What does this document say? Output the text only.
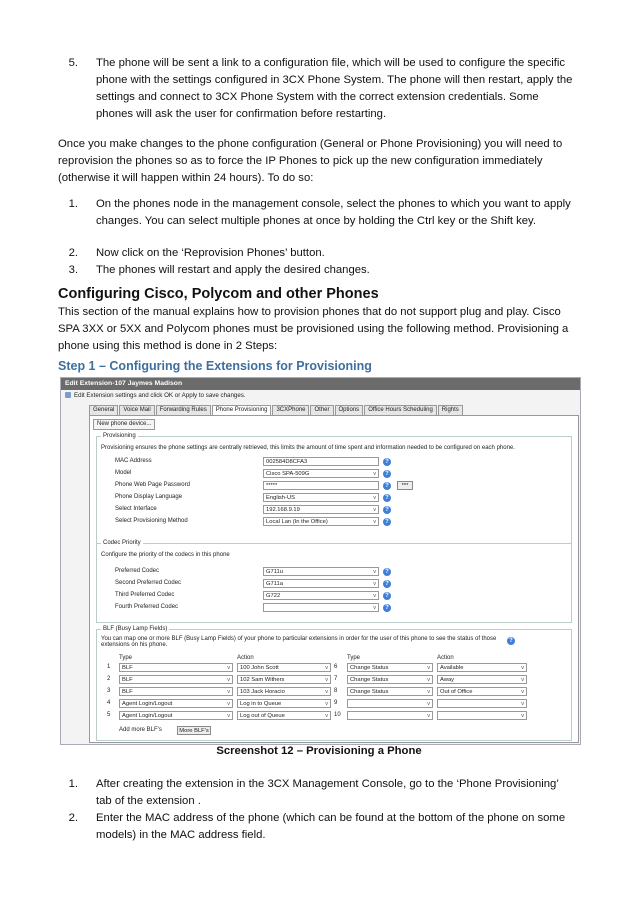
5. The phone will be sent a link to a configuration file, which will be used to configure the specific phone with the settings configured in 3CX Phone System. The phone will then restart, apply the settings and connect to 3CX Phone System with the correct extension credentials. Some phones will ask the user for confirmation before restarting.
Once you make changes to the phone configuration (General or Phone Provisioning) you will need to reprovision the phones so as to force the IP Phones to pick up the new configuration immediately (otherwise it will happen within 24 hours). To do so:
1. On the phones node in the management console, select the phones to which you want to apply changes. You can select multiple phones at once by holding the Ctrl key or the Shift key.
2. Now click on the ‘Reprovision Phones’ button.
3. The phones will restart and apply the desired changes.
Configuring Cisco, Polycom and other Phones
This section of the manual explains how to provision phones that do not support plug and play. Cisco SPA 3XX or 5XX and Polycom phones must be provisioned using the following method. Provisioning a phone using this method is done in 2 Steps:
Step 1 – Configuring the Extensions for Provisioning
Edit Extension-107 Jaymes Madison
Edit Extension settings and click OK or Apply to save changes.
General	Voice Mail	Forwarding Rules	Phone Provisioning	3CXPhone	Other	Options	Office Hours Scheduling	Rights
New phone device...
Provisioning
Provisioning ensures the phone settings are centrally retrieved, this limits the amount of time spent and information needed to be configured on each phone.
MAC Address	002584D8CFA3	?
Model	Cisco SPA-509G v	?
Phone Web Page Password	*****	?	***
Phone Display Language	English-US v	?
Select Interface	192.168.9.19 v	?
Select Provisioning Method	Local Lan (In the Office) v	?
Codec Priority
Configure the priority of the codecs in this phone
Preferred Codec	G711u v	?
Second Preferred Codec	G711a v	?
Third Preferred Codec	G722 v	?
Fourth Preferred Codec
v	?
BLF (Busy Lamp Fields)
You can map one or more BLF (Busy Lamp Fields) of your phone to particular extensions in order for the user of this phone to see the status of those extensions on his phone.
?
Type	Action	Type	Action
1	BLF v	100 John Scott v
2	BLF v	102 Sam Withers v
3	BLF v	103 Jack Horacio v
4	Agent Login/Logout v	Log in to Queue v
5	Agent Login/Logout v	Log out of Queue v
6	Change Status v	Available v
7	Change Status v	Away v
8	Change Status v	Out of Office v
9
v
v
10
v
v
Add more BLF's	More BLF's
Screenshot 12 – Provisioning a Phone
1. After creating the extension in the 3CX Management Console, go to the ‘Phone Provisioning’ tab of the extension .
2. Enter the MAC address of the phone (which can be found at the bottom of the phone on some models) in the MAC address field.
